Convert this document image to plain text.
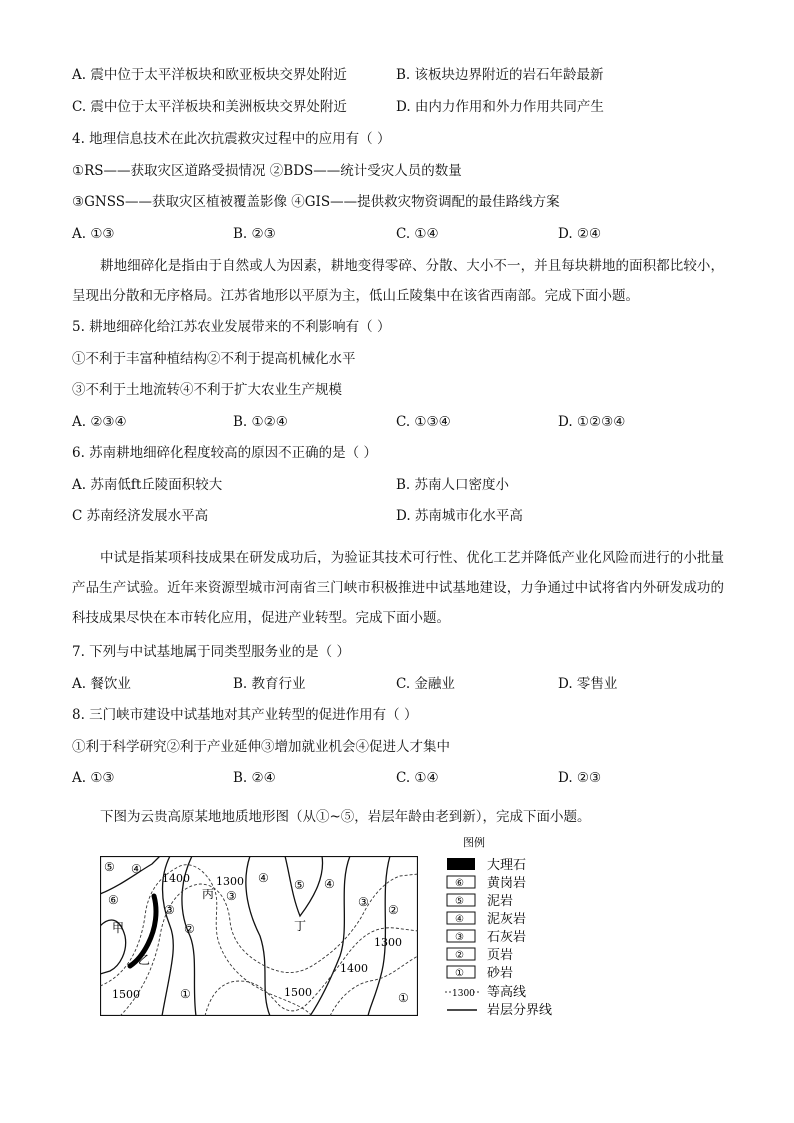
A. 震中位于太平洋板块和欧亚板块交界处附近	B. 该板块边界附近的岩石年龄最新
C. 震中位于太平洋板块和美洲板块交界处附近	D. 由内力作用和外力作用共同产生
4. 地理信息技术在此次抗震救灾过程中的应用有（ ）
①RS——获取灾区道路受损情况 ②BDS——统计受灾人员的数量
③GNSS——获取灾区植被覆盖影像 ④GIS——提供救灾物资调配的最佳路线方案
A. ①③	B. ②③	C. ①④	D. ②④
耕地细碎化是指由于自然或人为因素，耕地变得零碎、分散、大小不一，并且每块耕地的面积都比较小，呈现出分散和无序格局。江苏省地形以平原为主，低山丘陵集中在该省西南部。完成下面小题。
5. 耕地细碎化给江苏农业发展带来的不利影响有（ ）
①不利于丰富种植结构②不利于提高机械化水平
③不利于土地流转④不利于扩大农业生产规模
A. ②③④	B. ①②④	C. ①③④	D. ①②③④
6. 苏南耕地细碎化程度较高的原因不正确的是（ ）
A. 苏南低ft丘陵面积较大	B. 苏南人口密度小
C 苏南经济发展水平高	D. 苏南城市化水平高
中试是指某项科技成果在研发成功后，为验证其技术可行性、优化工艺并降低产业化风险而进行的小批量产品生产试验。近年来资源型城市河南省三门峡市积极推进中试基地建设，力争通过中试将省内外研发成功的科技成果尽快在本市转化应用，促进产业转型。完成下面小题。
7. 下列与中试基地属于同类型服务业的是（ ）
A. 餐饮业	B. 教育行业	C. 金融业	D. 零售业
8. 三门峡市建设中试基地对其产业转型的促进作用有（ ）
①利于科学研究②利于产业延伸③增加就业机会④促进人才集中
A. ①③	B. ②④	C. ①④	D. ②③
下图为云贵高原某地地质地形图（从①~⑤，岩层年龄由老到新），完成下面小题。
⑤ ④
1400 1300 ④ ⑤ ④
丙 ③
⑥	③
③
②
②
丁
甲
1300
乙
1400
1500	①	1500	①
图例
大理石
⑥ 黄岗岩
⑤ 泥岩
④ 泥灰岩
③ 石灰岩
② 页岩
① 砂岩
1300 等高线
岩层分界线
